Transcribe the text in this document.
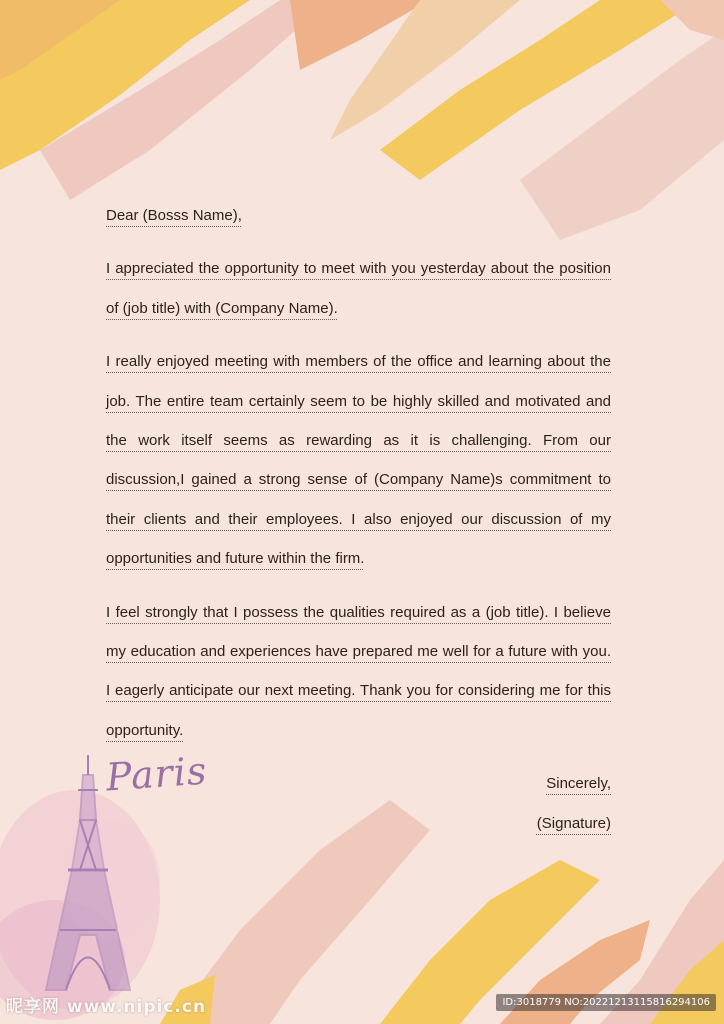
Paris
Dear (Bosss Name),
I appreciated the opportunity to meet with you yesterday about the position of (job title) with (Company Name).
I really enjoyed meeting with members of the office and learning about the job. The entire team certainly seem to be highly skilled and motivated and the work itself seems as rewarding as it is challenging. From our discussion,I gained a strong sense of (Company Name)s commitment to their clients and their employees. I also enjoyed our discussion of my opportunities and future within the firm.
I feel strongly that I possess the qualities required as a (job title). I believe my education and experiences have prepared me well for a future with you. I eagerly anticipate our next meeting. Thank you for considering me for this opportunity.
Sincerely,
(Signature)
昵享网 www.nipic.cn	ID:3018779 NO:20221213115816294106
